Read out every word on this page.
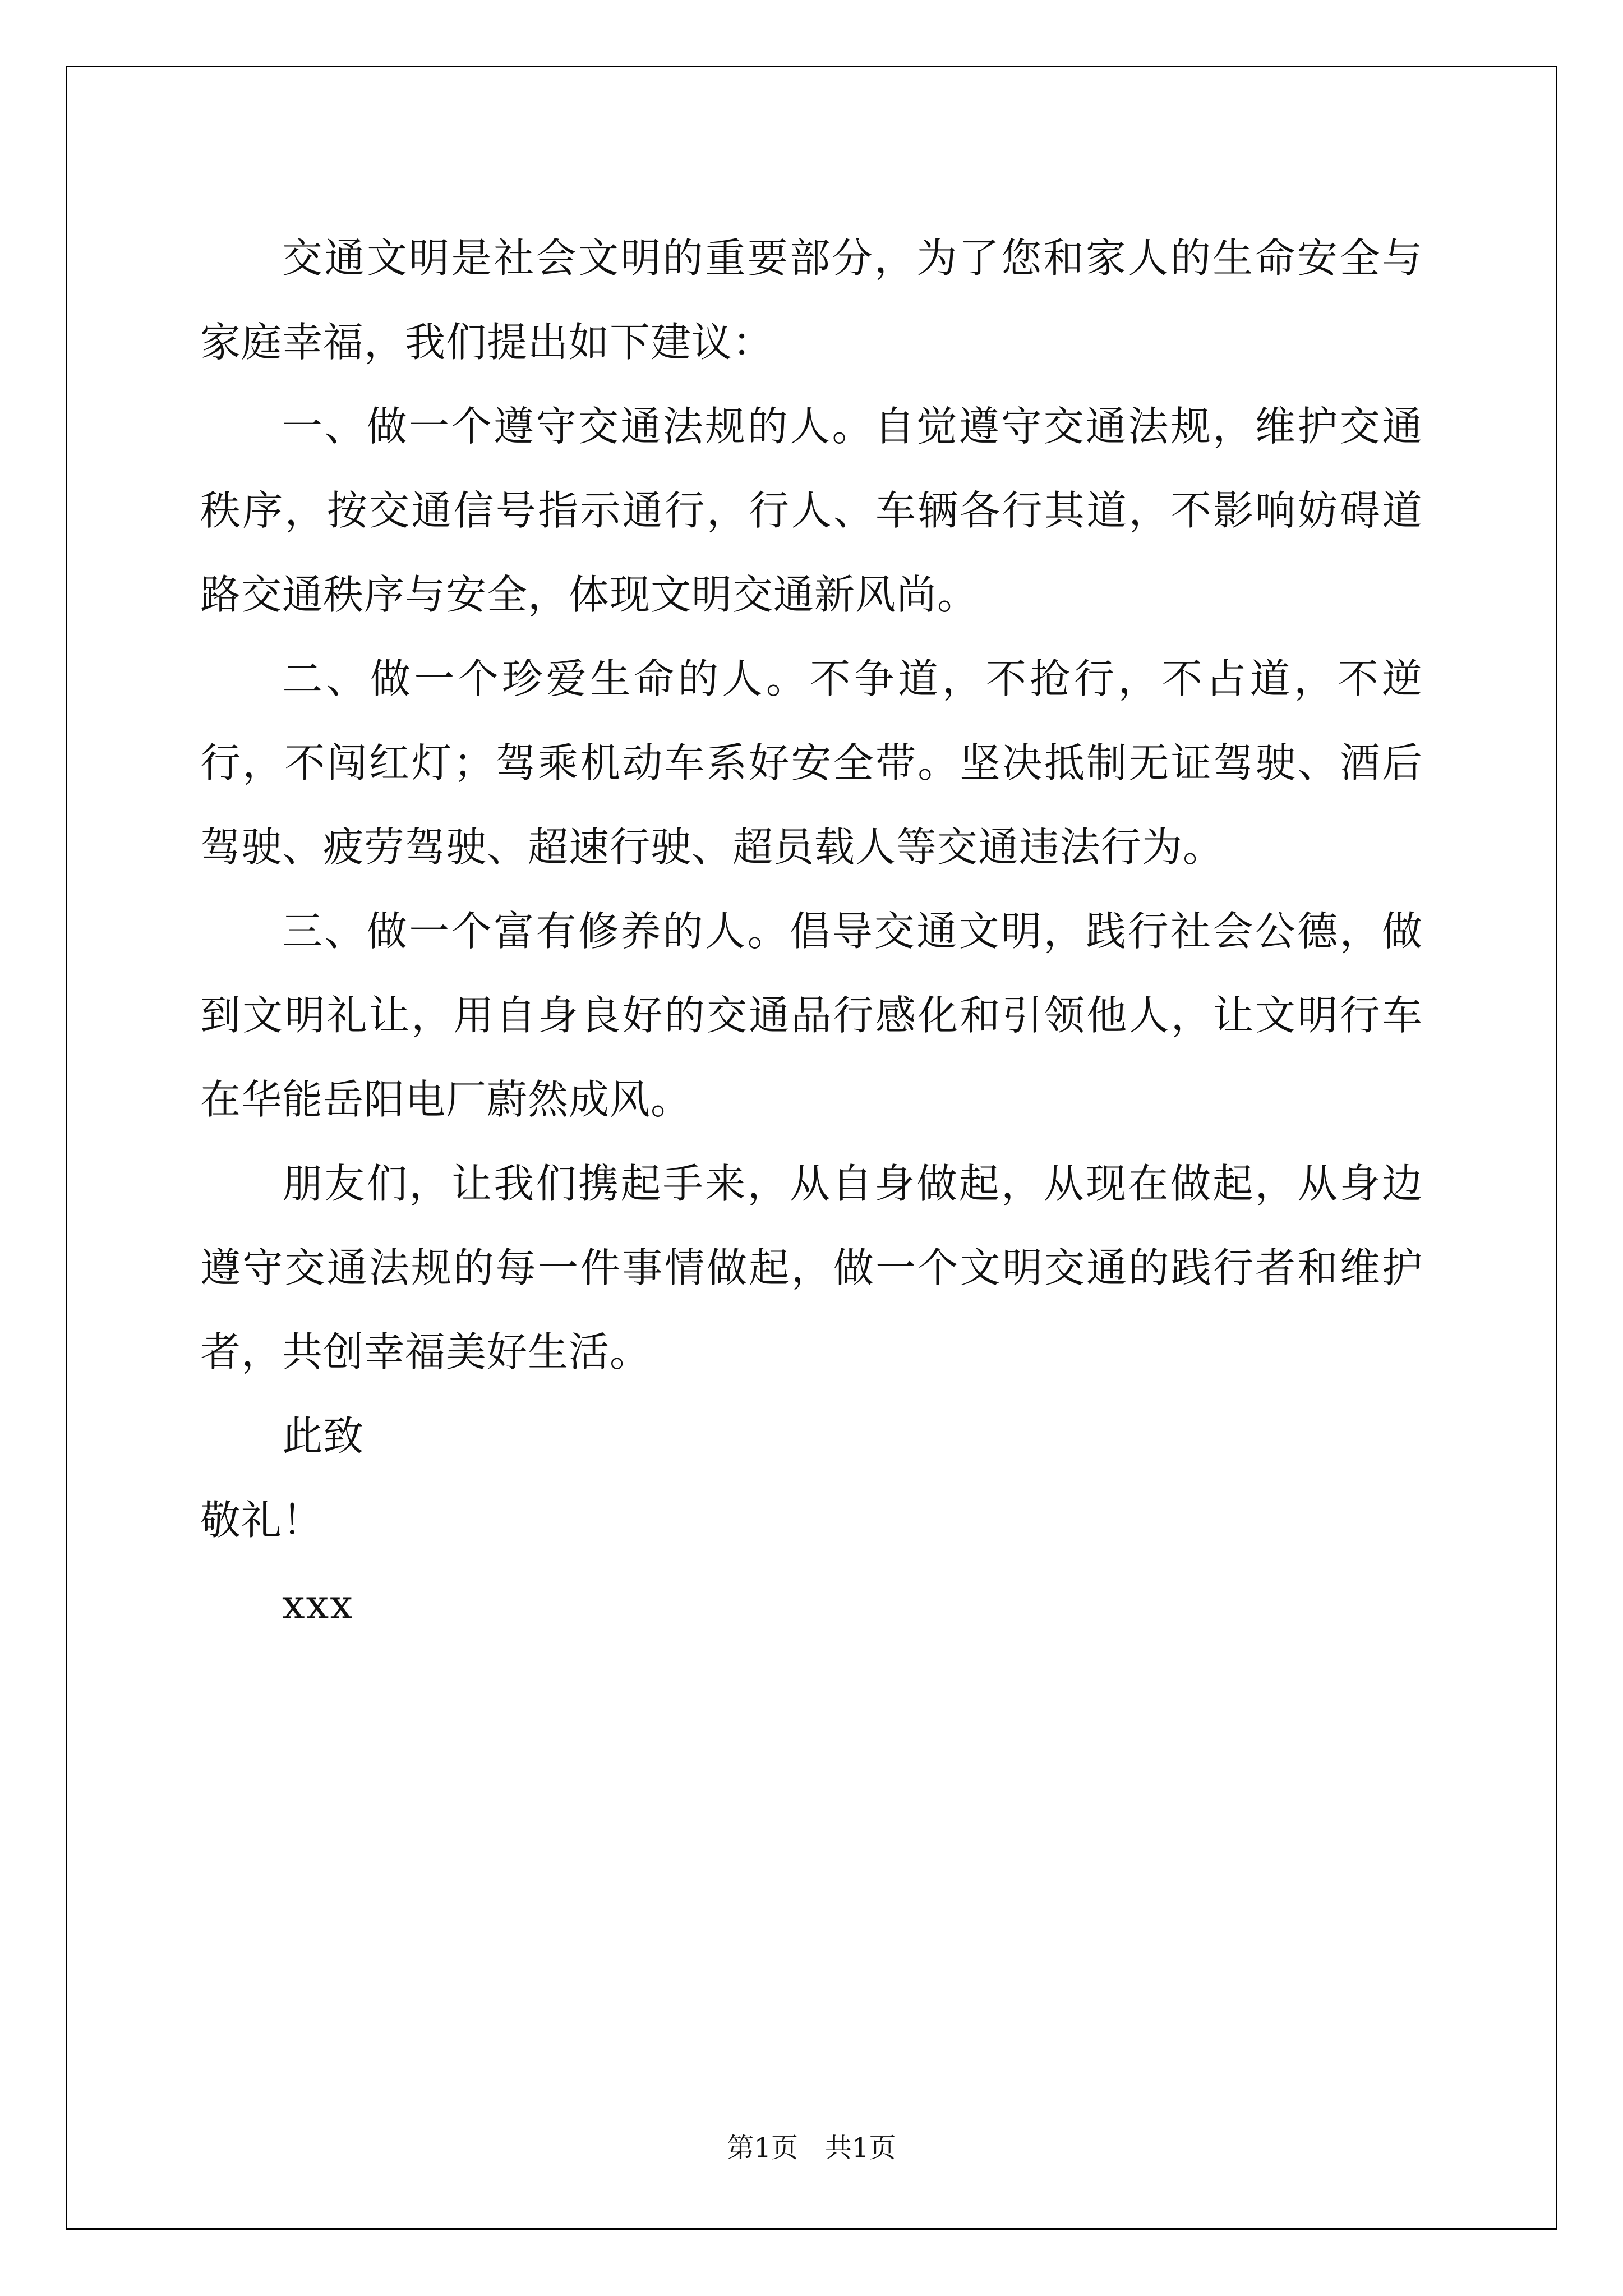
交通文明是社会文明的重要部分，为了您和家人的生命安全与家庭幸福，我们提出如下建议：

一、做一个遵守交通法规的人。自觉遵守交通法规，维护交通秩序，按交通信号指示通行，行人、车辆各行其道，不影响妨碍道路交通秩序与安全，体现文明交通新风尚。

二、做一个珍爱生命的人。不争道，不抢行，不占道，不逆行，不闯红灯；驾乘机动车系好安全带。坚决抵制无证驾驶、酒后驾驶、疲劳驾驶、超速行驶、超员载人等交通违法行为。

三、做一个富有修养的人。倡导交通文明，践行社会公德，做到文明礼让，用自身良好的交通品行感化和引领他人，让文明行车在华能岳阳电厂蔚然成风。

朋友们，让我们携起手来，从自身做起，从现在做起，从身边遵守交通法规的每一件事情做起，做一个文明交通的践行者和维护者，共创幸福美好生活。

此致

敬礼！

xxx

第1页　共1页
